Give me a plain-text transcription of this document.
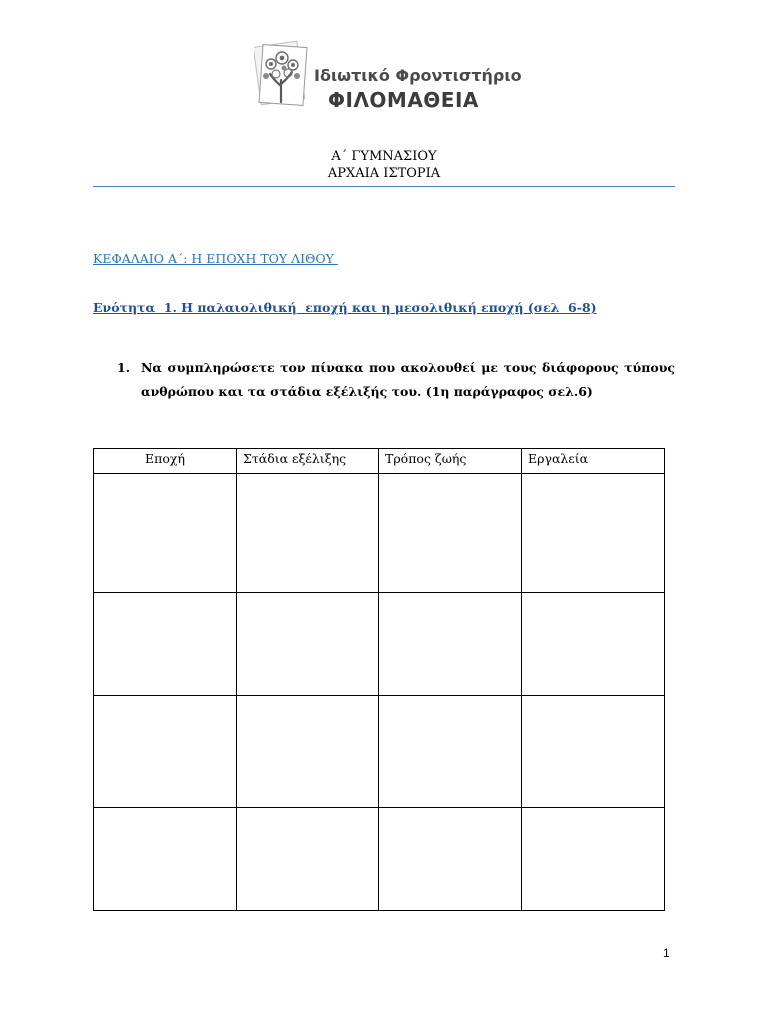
Ιδιωτικό Φροντιστήριο
ΦΙΛΟΜΑΘΕΙΑ
Α΄ ΓΥΜΝΑΣΙΟΥ
ΑΡΧΑΙΑ ΙΣΤΟΡΙΑ
ΚΕΦΑΛΑΙΟ Α΄: Η ΕΠΟΧΗ ΤΟΥ ΛΙΘΟΥ
Ενότητα  1. Η παλαιολιθική  εποχή και η μεσολιθική εποχή (σελ  6-8)
1. Να συμπληρώσετε τον πίνακα που ακολουθεί με τους διάφορους τύπους ανθρώπου και τα στάδια εξέλιξής του. (1η παράγραφος σελ.6)
Εποχή	Στάδια εξέλιξης	Τρόπος ζωής	Εργαλεία

1
